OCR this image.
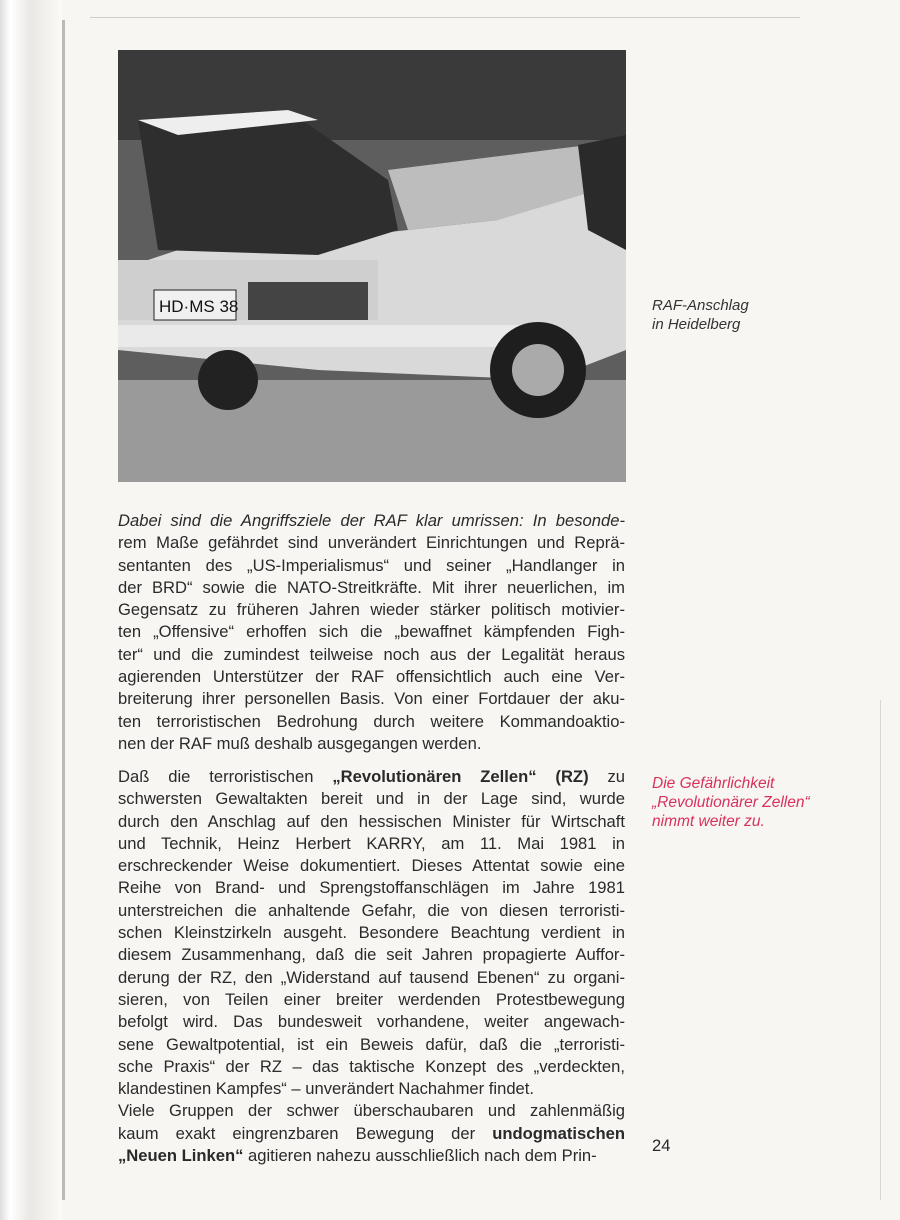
HD·MS 38	RAF-Anschlag
in Heidelberg
Dabei sind die Angriffsziele der RAF klar umrissen: In besonde-
rem Maße gefährdet sind unverändert Einrichtungen und Reprä-
sentanten des „US-Imperialismus“ und seiner „Handlanger in
der BRD“ sowie die NATO-Streitkräfte. Mit ihrer neuerlichen, im
Gegensatz zu früheren Jahren wieder stärker politisch motivier-
ten „Offensive“ erhoffen sich die „bewaffnet kämpfenden Figh-
ter“ und die zumindest teilweise noch aus der Legalität heraus
agierenden Unterstützer der RAF offensichtlich auch eine Ver-
breiterung ihrer personellen Basis. Von einer Fortdauer der aku-
ten terroristischen Bedrohung durch weitere Kommandoaktio-
nen der RAF muß deshalb ausgegangen werden.
Daß die terroristischen „Revolutionären Zellen“ (RZ) zu
schwersten Gewaltakten bereit und in der Lage sind, wurde
durch den Anschlag auf den hessischen Minister für Wirtschaft
und Technik, Heinz Herbert KARRY, am 11. Mai 1981 in
erschreckender Weise dokumentiert. Dieses Attentat sowie eine
Reihe von Brand- und Sprengstoffanschlägen im Jahre 1981
unterstreichen die anhaltende Gefahr, die von diesen terroristi-
schen Kleinstzirkeln ausgeht. Besondere Beachtung verdient in
diesem Zusammenhang, daß die seit Jahren propagierte Auffor-
derung der RZ, den „Widerstand auf tausend Ebenen“ zu organi-
sieren, von Teilen einer breiter werdenden Protestbewegung
befolgt wird. Das bundesweit vorhandene, weiter angewach-
sene Gewaltpotential, ist ein Beweis dafür, daß die „terroristi-
sche Praxis“ der RZ – das taktische Konzept des „verdeckten,
klandestinen Kampfes“ – unverändert Nachahmer findet.
Viele Gruppen der schwer überschaubaren und zahlenmäßig
kaum exakt eingrenzbaren Bewegung der undogmatischen
„Neuen Linken“ agitieren nahezu ausschließlich nach dem Prin-
Die Gefährlichkeit
„Revolutionärer Zellen“
nimmt weiter zu.
24
